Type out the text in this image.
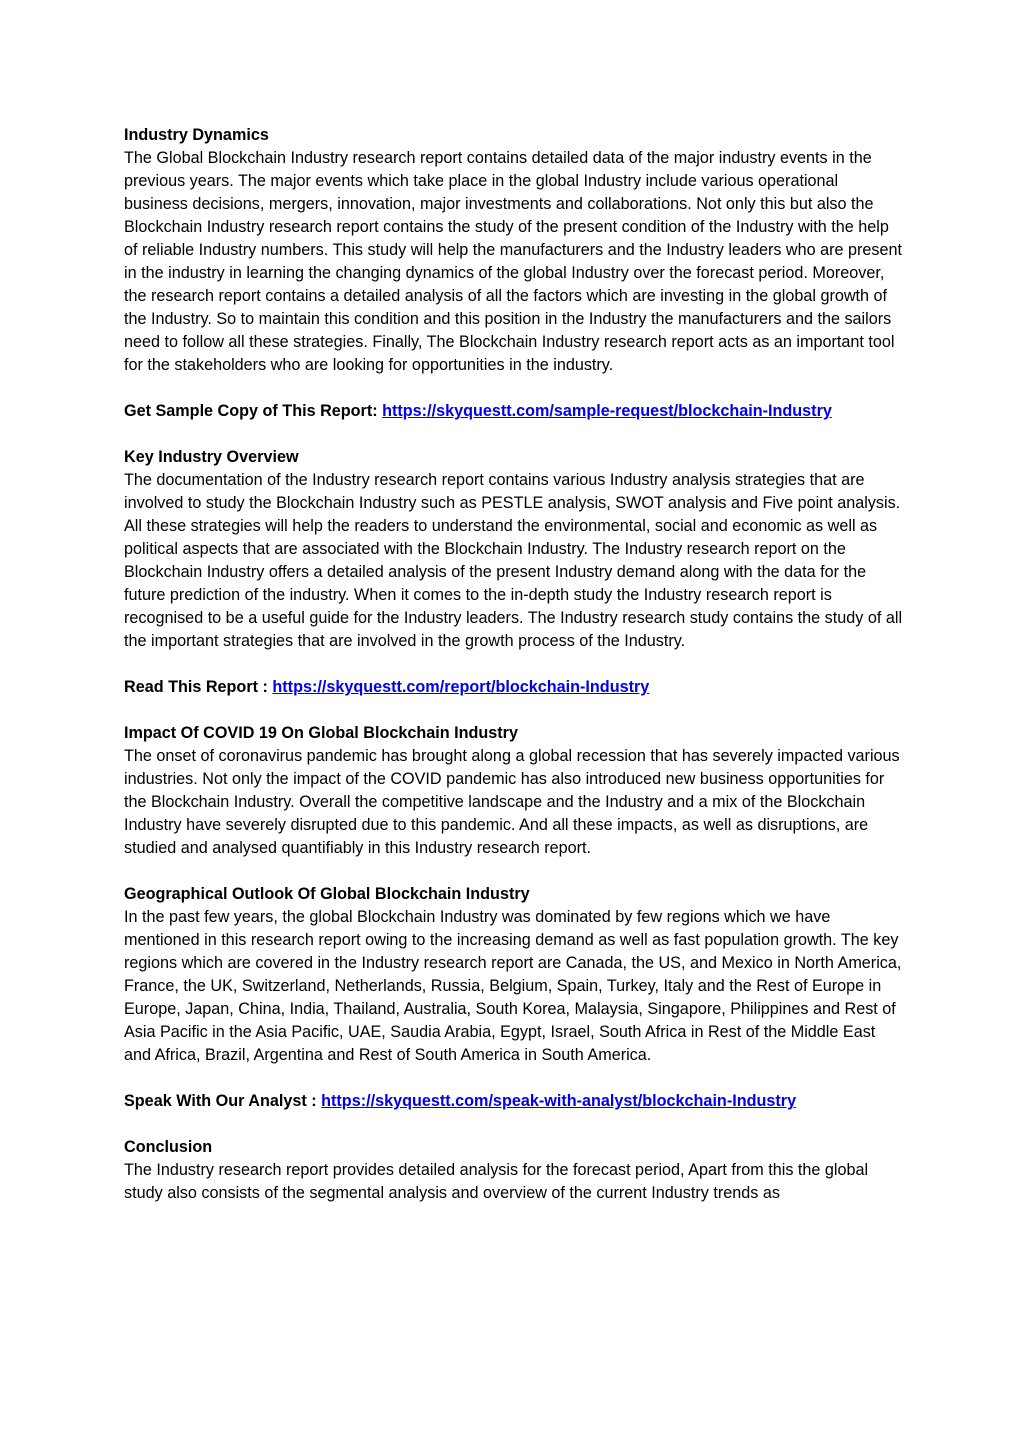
Industry Dynamics

The Global Blockchain Industry research report contains detailed data of the major industry events in the previous years. The major events which take place in the global Industry include various operational business decisions, mergers, innovation, major investments and collaborations. Not only this but also the Blockchain Industry research report contains the study of the present condition of the Industry with the help of reliable Industry numbers. This study will help the manufacturers and the Industry leaders who are present in the industry in learning the changing dynamics of the global Industry over the forecast period. Moreover, the research report contains a detailed analysis of all the factors which are investing in the global growth of the Industry. So to maintain this condition and this position in the Industry the manufacturers and the sailors need to follow all these strategies. Finally, The Blockchain Industry research report acts as an important tool for the stakeholders who are looking for opportunities in the industry.

Get Sample Copy of This Report: https://skyquestt.com/sample-request/blockchain-Industry
Key Industry Overview

The documentation of the Industry research report contains various Industry analysis strategies that are involved to study the Blockchain Industry such as PESTLE analysis, SWOT analysis and Five point analysis. All these strategies will help the readers to understand the environmental, social and economic as well as political aspects that are associated with the Blockchain Industry. The Industry research report on the Blockchain Industry offers a detailed analysis of the present Industry demand along with the data for the future prediction of the industry. When it comes to the in-depth study the Industry research report is recognised to be a useful guide for the Industry leaders. The Industry research study contains the study of all the important strategies that are involved in the growth process of the Industry.

Read This Report : https://skyquestt.com/report/blockchain-Industry
Impact Of COVID 19 On Global Blockchain Industry

The onset of coronavirus pandemic has brought along a global recession that has severely impacted various industries. Not only the impact of the COVID pandemic has also introduced new business opportunities for the Blockchain Industry. Overall the competitive landscape and the Industry and a mix of the Blockchain Industry have severely disrupted due to this pandemic. And all these impacts, as well as disruptions, are studied and analysed quantifiably in this Industry research report.

Geographical Outlook Of Global Blockchain Industry

In the past few years, the global Blockchain Industry was dominated by few regions which we have mentioned in this research report owing to the increasing demand as well as fast population growth. The key regions which are covered in the Industry research report are Canada, the US, and Mexico in North America, France, the UK, Switzerland, Netherlands, Russia, Belgium, Spain, Turkey, Italy and the Rest of Europe in Europe, Japan, China, India, Thailand, Australia, South Korea, Malaysia, Singapore, Philippines and Rest of Asia Pacific in the Asia Pacific, UAE, Saudia Arabia, Egypt, Israel, South Africa in Rest of the Middle East and Africa, Brazil, Argentina and Rest of South America in South America.

Speak With Our Analyst : https://skyquestt.com/speak-with-analyst/blockchain-Industry
Conclusion

The Industry research report provides detailed analysis for the forecast period, Apart from this the global study also consists of the segmental analysis and overview of the current Industry trends as
